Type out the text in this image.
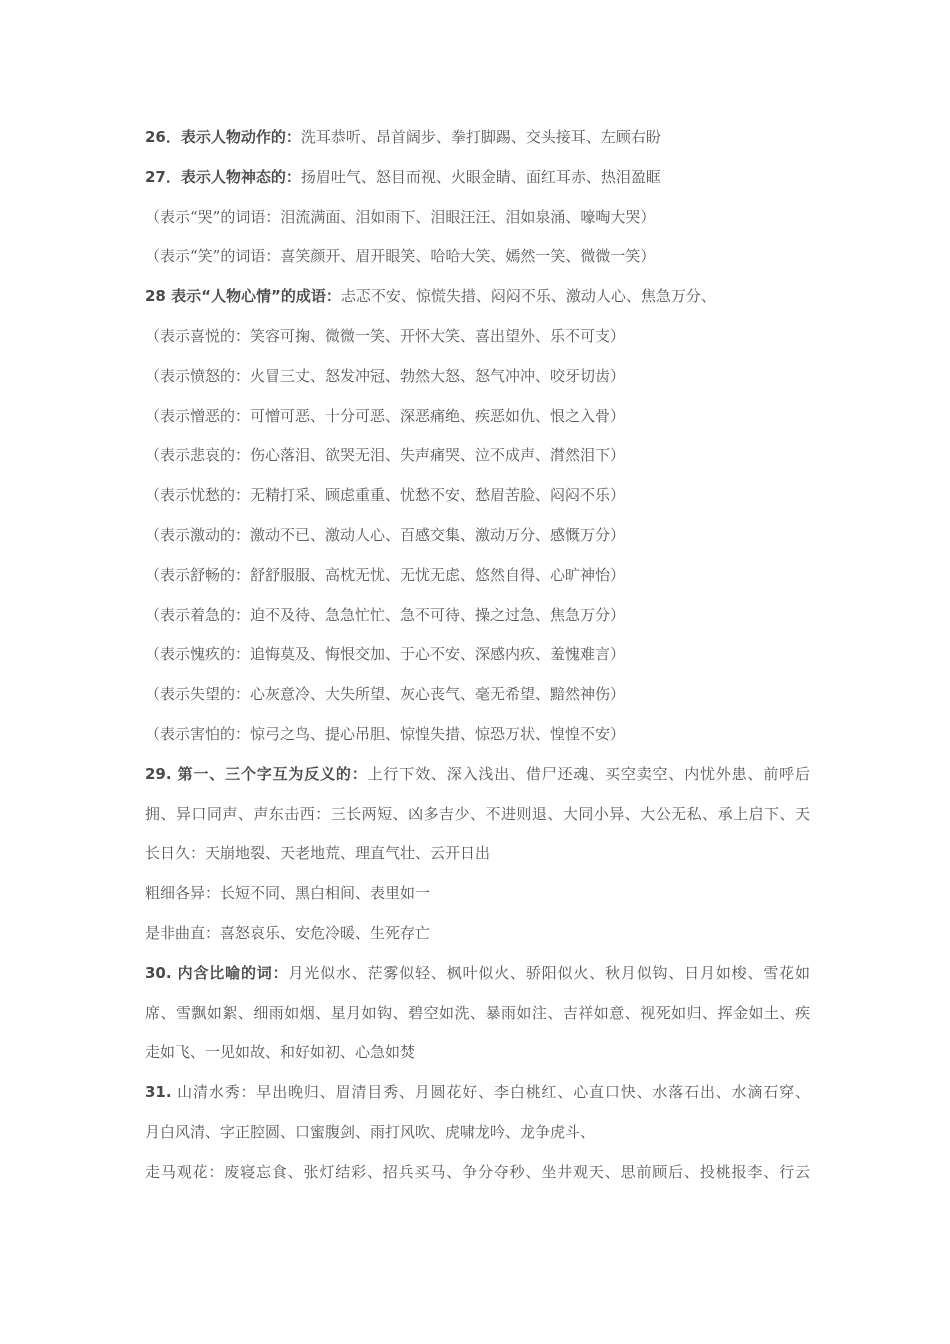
26．表示人物动作的：洗耳恭听、昂首阔步、拳打脚踢、交头接耳、左顾右盼
27．表示人物神态的：扬眉吐气、怒目而视、火眼金睛、面红耳赤、热泪盈眶
（表示“哭”的词语：泪流满面、泪如雨下、泪眼汪汪、泪如泉涌、嚎啕大哭）
（表示“笑”的词语：喜笑颜开、眉开眼笑、哈哈大笑、嫣然一笑、微微一笑）
28 表示“人物心情”的成语：忐忑不安、惊慌失措、闷闷不乐、激动人心、焦急万分、
（表示喜悦的：笑容可掬、微微一笑、开怀大笑、喜出望外、乐不可支）
（表示愤怒的：火冒三丈、怒发冲冠、勃然大怒、怒气冲冲、咬牙切齿）
（表示憎恶的：可憎可恶、十分可恶、深恶痛绝、疾恶如仇、恨之入骨）
（表示悲哀的：伤心落泪、欲哭无泪、失声痛哭、泣不成声、潸然泪下）
（表示忧愁的：无精打采、顾虑重重、忧愁不安、愁眉苦脸、闷闷不乐）
（表示激动的：激动不已、激动人心、百感交集、激动万分、感慨万分）
（表示舒畅的：舒舒服服、高枕无忧、无忧无虑、悠然自得、心旷神怡）
（表示着急的：迫不及待、急急忙忙、急不可待、操之过急、焦急万分）
（表示愧疚的：追悔莫及、悔恨交加、于心不安、深感内疚、羞愧难言）
（表示失望的：心灰意冷、大失所望、灰心丧气、毫无希望、黯然神伤）
（表示害怕的：惊弓之鸟、提心吊胆、惊惶失措、惊恐万状、惶惶不安）
29. 第一、三个字互为反义的：上行下效、深入浅出、借尸还魂、买空卖空、内忧外患、前呼后
拥、异口同声、声东击西：三长两短、凶多吉少、不进则退、大同小异、大公无私、承上启下、天
长日久：天崩地裂、天老地荒、理直气壮、云开日出
粗细各异：长短不同、黑白相间、表里如一
是非曲直：喜怒哀乐、安危冷暖、生死存亡
30. 内含比喻的词：月光似水、茫雾似轻、枫叶似火、骄阳似火、秋月似钩、日月如梭、雪花如
席、雪飘如絮、细雨如烟、星月如钩、碧空如洗、暴雨如注、吉祥如意、视死如归、挥金如土、疾
走如飞、一见如故、和好如初、心急如焚
31. 山清水秀：早出晚归、眉清目秀、月圆花好、李白桃红、心直口快、水落石出、水滴石穿、
月白风清、字正腔圆、口蜜腹剑、雨打风吹、虎啸龙吟、龙争虎斗、
走马观花：废寝忘食、张灯结彩、招兵买马、争分夺秒、坐井观天、思前顾后、投桃报李、行云
